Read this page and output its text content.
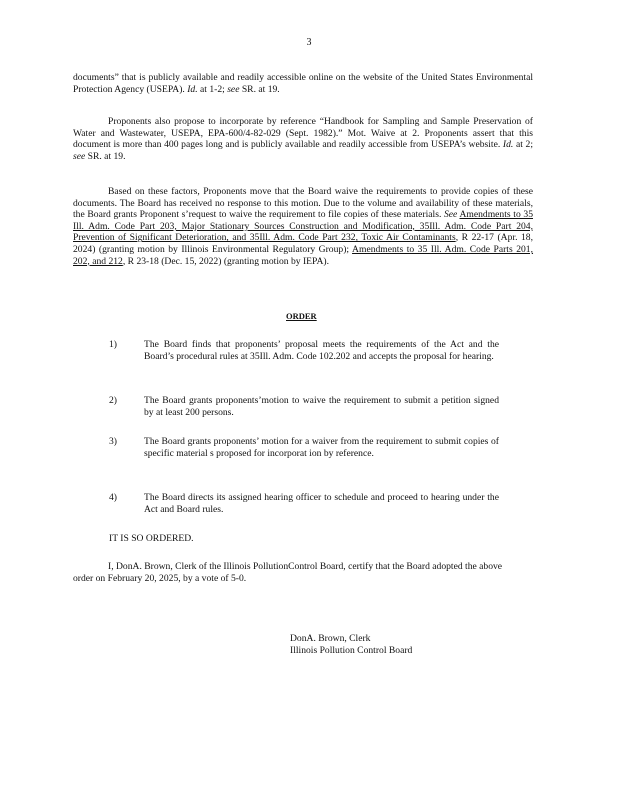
3

documents” that is publicly available and readily accessible online on the website of the United States Environmental Protection Agency (USEPA). Id. at 1-2; see SR. at 19.

Proponents also propose to incorporate by reference “Handbook for Sampling and Sample Preservation of Water and Wastewater, USEPA, EPA-600/4-82-029 (Sept. 1982).” Mot. Waive at 2. Proponents assert that this document is more than 400 pages long and is publicly available and readily accessible from USEPA’s website. Id. at 2; see SR. at 19.

Based on these factors, Proponents move that the Board waive the requirements to provide copies of these documents. The Board has received no response to this motion. Due to the volume and availability of these materials, the Board grants Proponent s’request to waive the requirement to file copies of these materials. See Amendments to 35 Ill. Adm. Code Part 203, Major Stationary Sources Construction and Modification, 35Ill. Adm. Code Part 204, Prevention of Significant Deterioration, and 35Ill. Adm. Code Part 232, Toxic Air Contaminants, R 22-17 (Apr. 18, 2024) (granting motion by Illinois Environmental Regulatory Group); Amendments to 35 Ill. Adm. Code Parts 201, 202, and 212, R 23-18 (Dec. 15, 2022) (granting motion by IEPA).

ORDER
1)	The Board finds that proponents’ proposal meets the requirements of the Act and the Board’s procedural rules at 35Ill. Adm. Code 102.202 and accepts the proposal for hearing.
2)	The Board grants proponents’motion to waive the requirement to submit a petition signed by at least 200 persons.
3)	The Board grants proponents’ motion for a waiver from the requirement to submit copies of specific material s proposed for incorporat ion by reference.
4)	The Board directs its assigned hearing officer to schedule and proceed to hearing under the Act and Board rules.
IT IS SO ORDERED.

I, DonA. Brown, Clerk of the Illinois PollutionControl Board, certify that the Board adopted the above order on February 20, 2025, by a vote of 5-0.

DonA. Brown, Clerk
Illinois Pollution Control Board
